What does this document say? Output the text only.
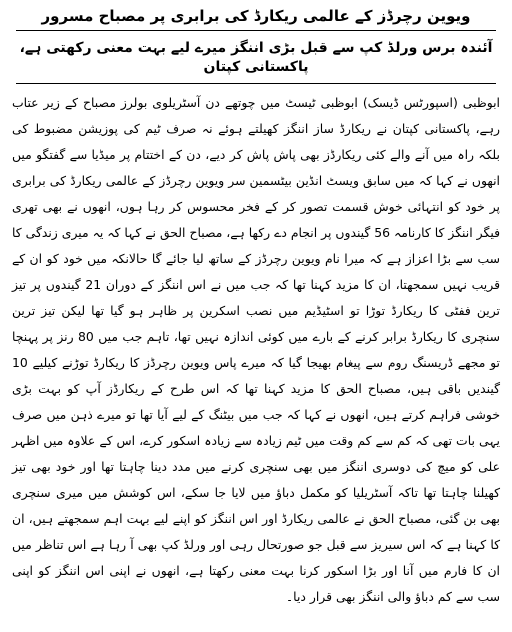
ویوین رچرڈز کے عالمی ریکارڈ کی برابری پر مصباح مسرور
آئندہ برس ورلڈ کپ سے قبل بڑی اننگز میرے لیے بہت معنی رکھتی ہے، پاکستانی کپتان

ابوظبی (اسپورٹس ڈیسک) ابوظبی ٹیسٹ میں چوتھے دن آسٹریلوی بولرز مصباح کے زیر عتاب رہے، پاکستانی کپتان نے ریکارڈ ساز اننگز کھیلتے ہوئے نہ صرف ٹیم کی پوزیشن مضبوط کی بلکہ راہ میں آنے والے کئی ریکارڈز بھی پاش پاش کر دیے، دن کے اختتام پر میڈیا سے گفتگو میں انھوں نے کہا کہ میں سابق ویسٹ انڈین بیٹسمین سر ویوین رچرڈز کے عالمی ریکارڈ کی برابری پر خود کو انتہائی خوش قسمت تصور کر کے فخر محسوس کر رہا ہوں، انھوں نے بھی تھری فیگر اننگز کا کارنامہ 56 گیندوں پر انجام دے رکھا ہے، مصباح الحق نے کہا کہ یہ میری زندگی کا سب سے بڑا اعزاز ہے کہ میرا نام ویوین رچرڈز کے ساتھ لیا جائے گا حالانکہ میں خود کو ان کے قریب نہیں سمجھتا، ان کا مزید کہنا تھا کہ جب میں نے اس اننگز کے دوران 21 گیندوں پر تیز ترین ففٹی کا ریکارڈ توڑا تو اسٹیڈیم میں نصب اسکرین پر ظاہر ہو گیا تھا لیکن تیز ترین سنچری کا ریکارڈ برابر کرنے کے بارے میں کوئی اندازہ نہیں تھا، تاہم جب میں 80 رنز پر پہنچا تو مجھے ڈریسنگ روم سے پیغام بھیجا گیا کہ میرے پاس ویوین رچرڈز کا ریکارڈ توڑنے کیلیے 10 گیندیں باقی ہیں، مصباح الحق کا مزید کہنا تھا کہ اس طرح کے ریکارڈز آپ کو بہت بڑی خوشی فراہم کرتے ہیں، انھوں نے کہا کہ جب میں بیٹنگ کے لیے آیا تھا تو میرے ذہن میں صرف یہی بات تھی کہ کم سے کم وقت میں ٹیم زیادہ سے زیادہ اسکور کرے، اس کے علاوہ میں اظہر علی کو میچ کی دوسری اننگز میں بھی سنچری کرنے میں مدد دینا چاہتا تھا اور خود بھی تیز کھیلنا چاہتا تھا تاکہ آسٹریلیا کو مکمل دباؤ میں لایا جا سکے، اس کوشش میں میری سنچری بھی بن گئی، مصباح الحق نے عالمی ریکارڈ اور اس اننگز کو اپنے لیے بہت اہم سمجھتے ہیں، ان کا کہنا ہے کہ اس سیریز سے قبل جو صورتحال رہی اور ورلڈ کپ بھی آ رہا ہے اس تناظر میں ان کا فارم میں آنا اور بڑا اسکور کرنا بہت معنی رکھتا ہے، انھوں نے اپنی اس اننگز کو اپنی سب سے کم دباؤ والی اننگز بھی قرار دیا۔
